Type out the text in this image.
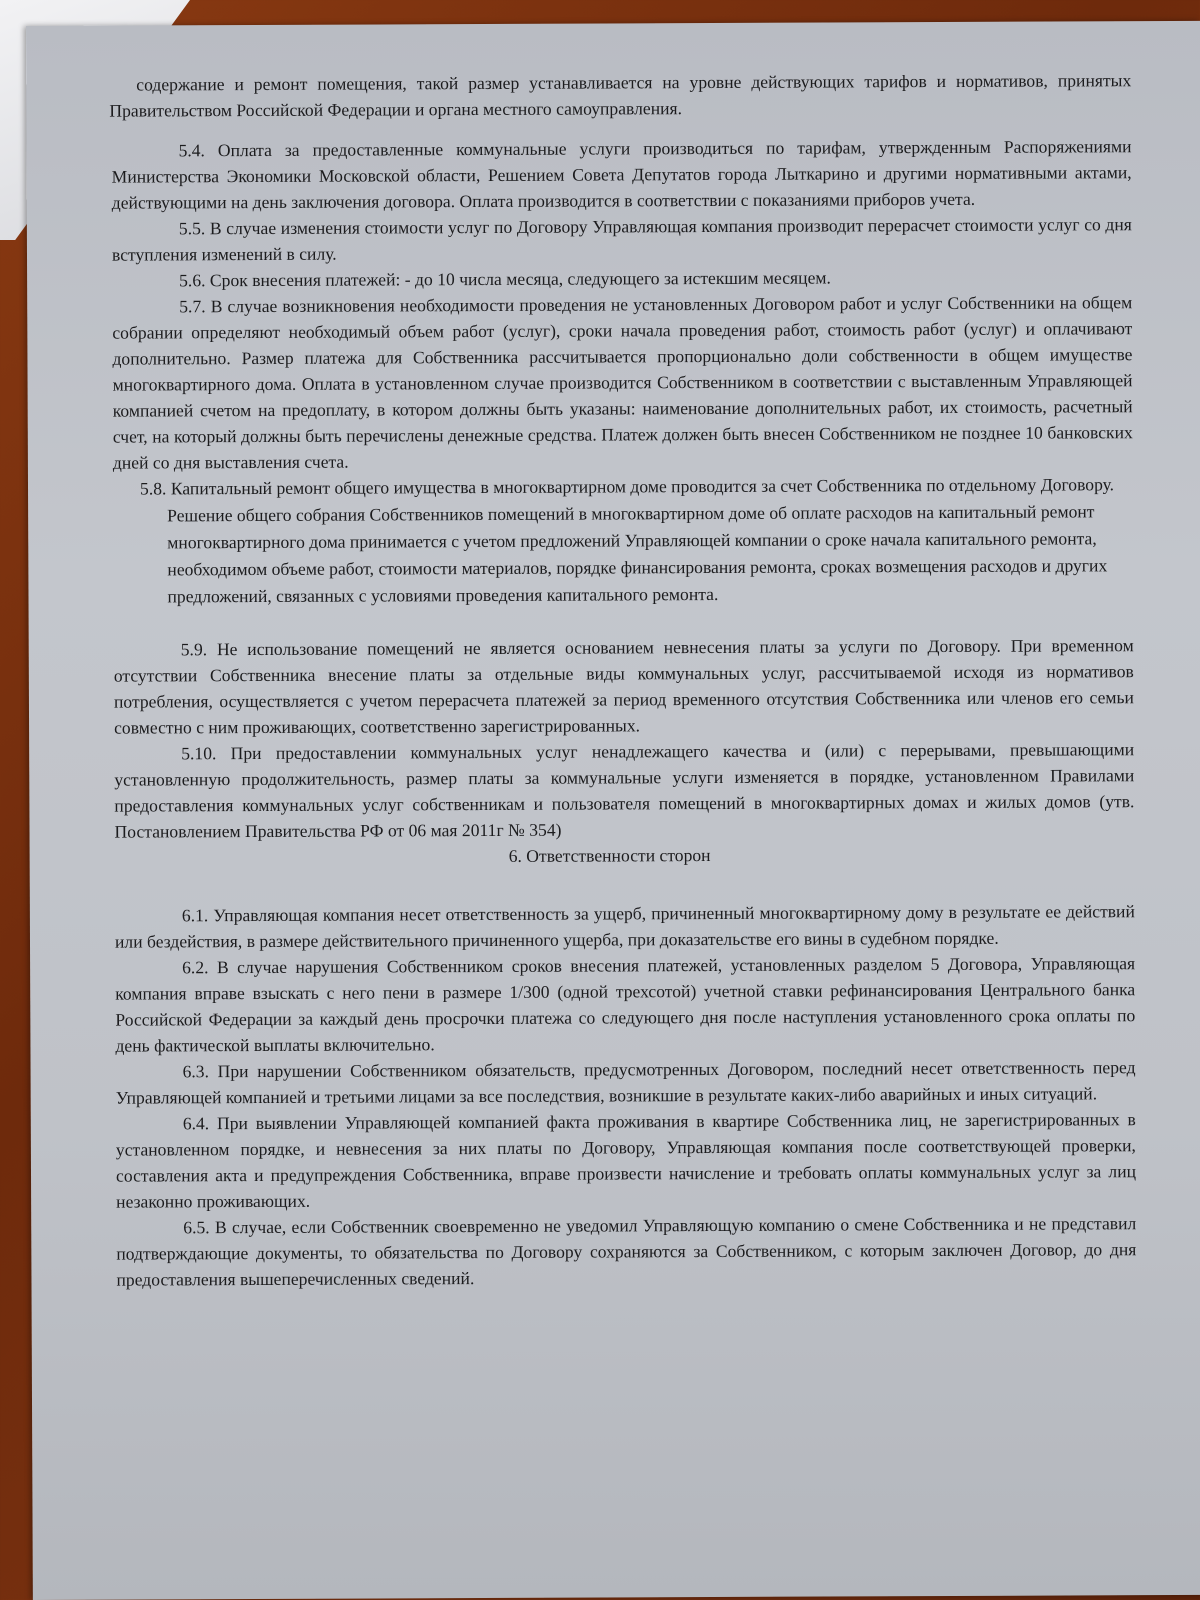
содержание и ремонт помещения, такой размер устанавливается на уровне действующих тарифов и нормативов, принятых Правительством Российской Федерации и органа местного самоуправления.

5.4. Оплата за предоставленные коммунальные услуги производиться по тарифам, утвержденным Распоряжениями Министерства Экономики Московской области, Решением Совета Депутатов города Лыткарино и другими нормативными актами, действующими на день заключения договора. Оплата производится в соответствии с показаниями приборов учета.

5.5. В случае изменения стоимости услуг по Договору Управляющая компания производит перерасчет стоимости услуг со дня вступления изменений в силу.

5.6. Срок внесения платежей: - до 10 числа месяца, следующего за истекшим месяцем.

5.7. В случае возникновения необходимости проведения не установленных Договором работ и услуг Собственники на общем собрании определяют необходимый объем работ (услуг), сроки начала проведения работ, стоимость работ (услуг) и оплачивают дополнительно. Размер платежа для Собственника рассчитывается пропорционально доли собственности в общем имуществе многоквартирного дома. Оплата в установленном случае производится Собственником в соответствии с выставленным Управляющей компанией счетом на предоплату, в котором должны быть указаны: наименование дополнительных работ, их стоимость, расчетный счет, на который должны быть перечислены денежные средства. Платеж должен быть внесен Собственником не позднее 10 банковских дней со дня выставления счета.

5.8. Капитальный ремонт общего имущества в многоквартирном доме проводится за счет Собственника по отдельному Договору. Решение общего собрания Собственников помещений в многоквартирном доме об оплате расходов на капитальный ремонт многоквартирного дома принимается с учетом предложений Управляющей компании о сроке начала капитального ремонта, необходимом объеме работ, стоимости материалов, порядке финансирования ремонта, сроках возмещения расходов и других предложений, связанных с условиями проведения капитального ремонта.

5.9. Не использование помещений не является основанием невнесения платы за услуги по Договору. При временном отсутствии Собственника внесение платы за отдельные виды коммунальных услуг, рассчитываемой исходя из нормативов потребления, осуществляется с учетом перерасчета платежей за период временного отсутствия Собственника или членов его семьи совместно с ним проживающих, соответственно зарегистрированных.

5.10. При предоставлении коммунальных услуг ненадлежащего качества и (или) с перерывами, превышающими установленную продолжительность, размер платы за коммунальные услуги изменяется в порядке, установленном Правилами предоставления коммунальных услуг собственникам и пользователя помещений в многоквартирных домах и жилых домов (утв. Постановлением Правительства РФ от 06 мая 2011г № 354)

6. Ответственности сторон

6.1. Управляющая компания несет ответственность за ущерб, причиненный многоквартирному дому в результате ее действий или бездействия, в размере действительного причиненного ущерба, при доказательстве его вины в судебном порядке.

6.2. В случае нарушения Собственником сроков внесения платежей, установленных разделом 5 Договора, Управляющая компания вправе взыскать с него пени в размере 1/300 (одной трехсотой) учетной ставки рефинансирования Центрального банка Российской Федерации за каждый день просрочки платежа со следующего дня после наступления установленного срока оплаты по день фактической выплаты включительно.

6.3. При нарушении Собственником обязательств, предусмотренных Договором, последний несет ответственность перед Управляющей компанией и третьими лицами за все последствия, возникшие в результате каких-либо аварийных и иных ситуаций.

6.4. При выявлении Управляющей компанией факта проживания в квартире Собственника лиц, не зарегистрированных в установленном порядке, и невнесения за них платы по Договору, Управляющая компания после соответствующей проверки, составления акта и предупреждения Собственника, вправе произвести начисление и требовать оплаты коммунальных услуг за лиц незаконно проживающих.

6.5. В случае, если Собственник своевременно не уведомил Управляющую компанию о смене Собственника и не представил подтверждающие документы, то обязательства по Договору сохраняются за Собственником, с которым заключен Договор, до дня предоставления вышеперечисленных сведений.
